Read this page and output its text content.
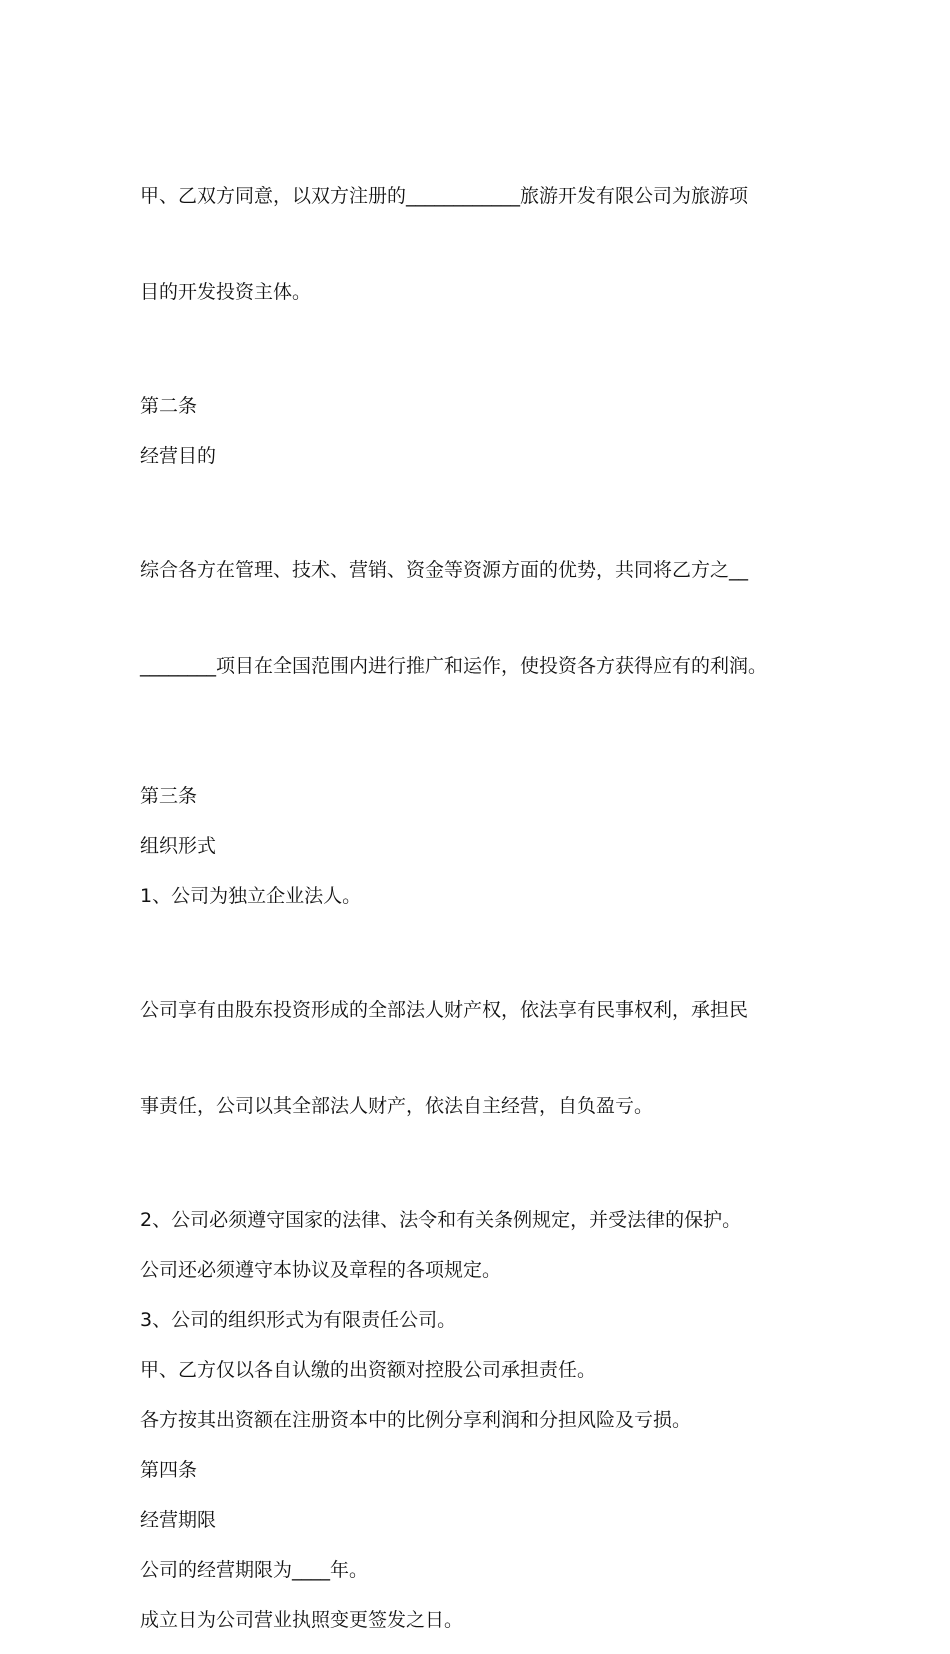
甲、乙双方同意，以双方注册的____________旅游开发有限公司为旅游项

目的开发投资主体。

第二条

经营目的

综合各方在管理、技术、营销、资金等资源方面的优势，共同将乙方之__

________项目在全国范围内进行推广和运作，使投资各方获得应有的利润。

第三条

组织形式

1、公司为独立企业法人。

公司享有由股东投资形成的全部法人财产权，依法享有民事权利，承担民

事责任，公司以其全部法人财产，依法自主经营，自负盈亏。

2、公司必须遵守国家的法律、法令和有关条例规定，并受法律的保护。

公司还必须遵守本协议及章程的各项规定。

3、公司的组织形式为有限责任公司。

甲、乙方仅以各自认缴的出资额对控股公司承担责任。

各方按其出资额在注册资本中的比例分享利润和分担风险及亏损。

第四条

经营期限

公司的经营期限为____年。

成立日为公司营业执照变更签发之日。
